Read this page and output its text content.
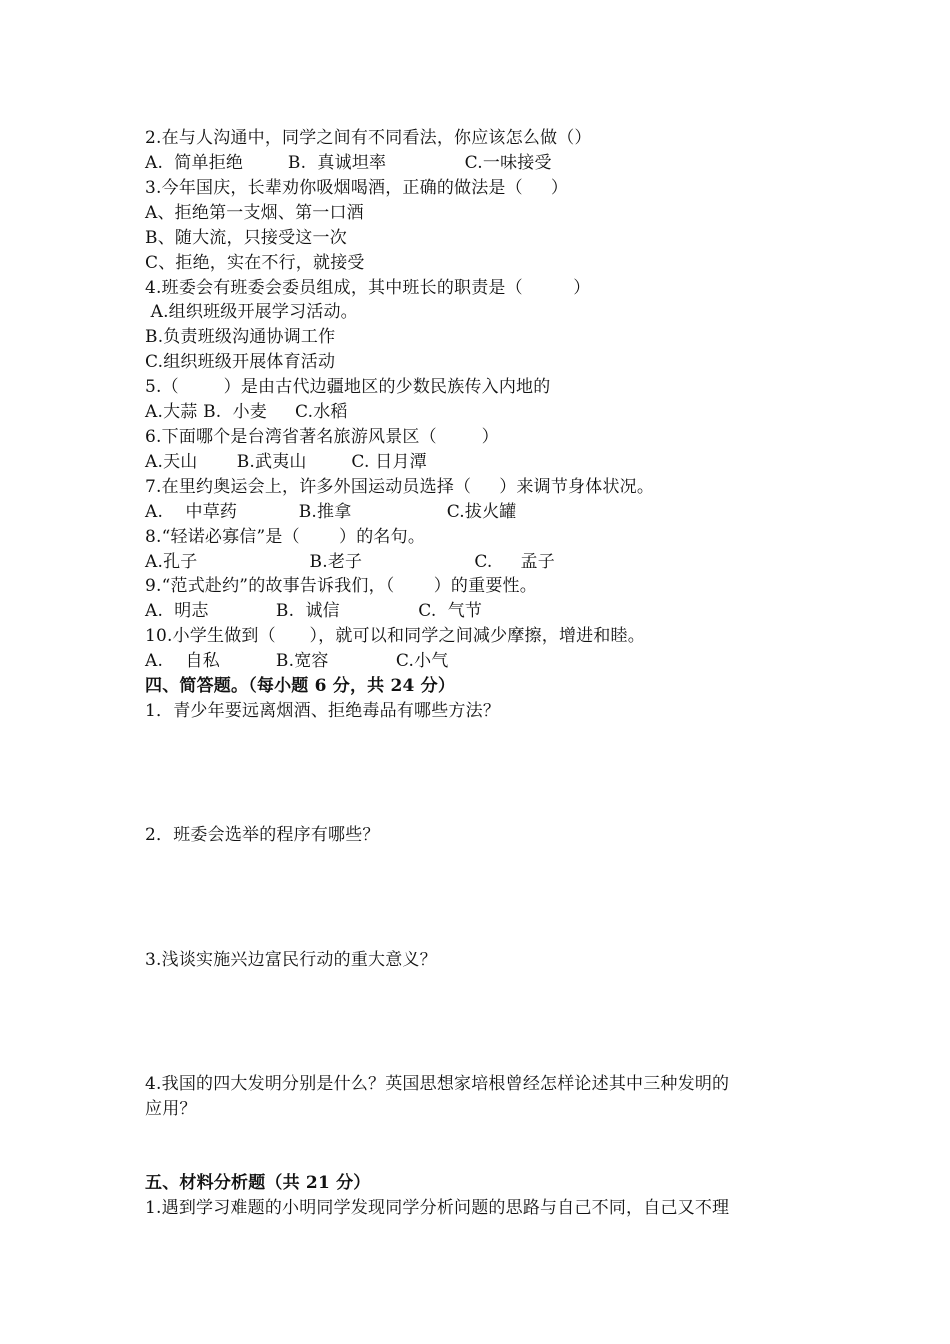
2.在与人沟通中，同学之间有不同看法，你应该怎么做（）
A.  简单拒绝        B.  真诚坦率              C.一味接受
3.今年国庆，长辈劝你吸烟喝酒，正确的做法是（     ）
A、拒绝第一支烟、第一口酒
B、随大流，只接受这一次
C、拒绝，实在不行，就接受
4.班委会有班委会委员组成，其中班长的职责是（         ）
A.组织班级开展学习活动。
B.负责班级沟通协调工作
C.组织班级开展体育活动
5.（        ）是由古代边疆地区的少数民族传入内地的
A.大蒜 B.  小麦     C.水稻
6.下面哪个是台湾省著名旅游风景区（        ）
A.天山       B.武夷山        C. 日月潭
7.在里约奥运会上，许多外国运动员选择（     ）来调节身体状况。
A.    中草药           B.推拿                 C.拔火罐
8.“轻诺必寡信”是（       ）的名句。
A.孔子                    B.老子                    C.     孟子
9.“范式赴约”的故事告诉我们，（       ）的重要性。
A.  明志            B.  诚信              C.  气节
10.小学生做到（      ），就可以和同学之间减少摩擦，增进和睦。
A.    自私          B.宽容            C.小气
四、简答题。（每小题 6 分，共 24 分）
1．青少年要远离烟酒、拒绝毒品有哪些方法？
2．班委会选举的程序有哪些？
3.浅谈实施兴边富民行动的重大意义？
4.我国的四大发明分别是什么？英国思想家培根曾经怎样论述其中三种发明的
应用？
五、材料分析题（共 21 分）
1.遇到学习难题的小明同学发现同学分析问题的思路与自己不同，自己又不理
